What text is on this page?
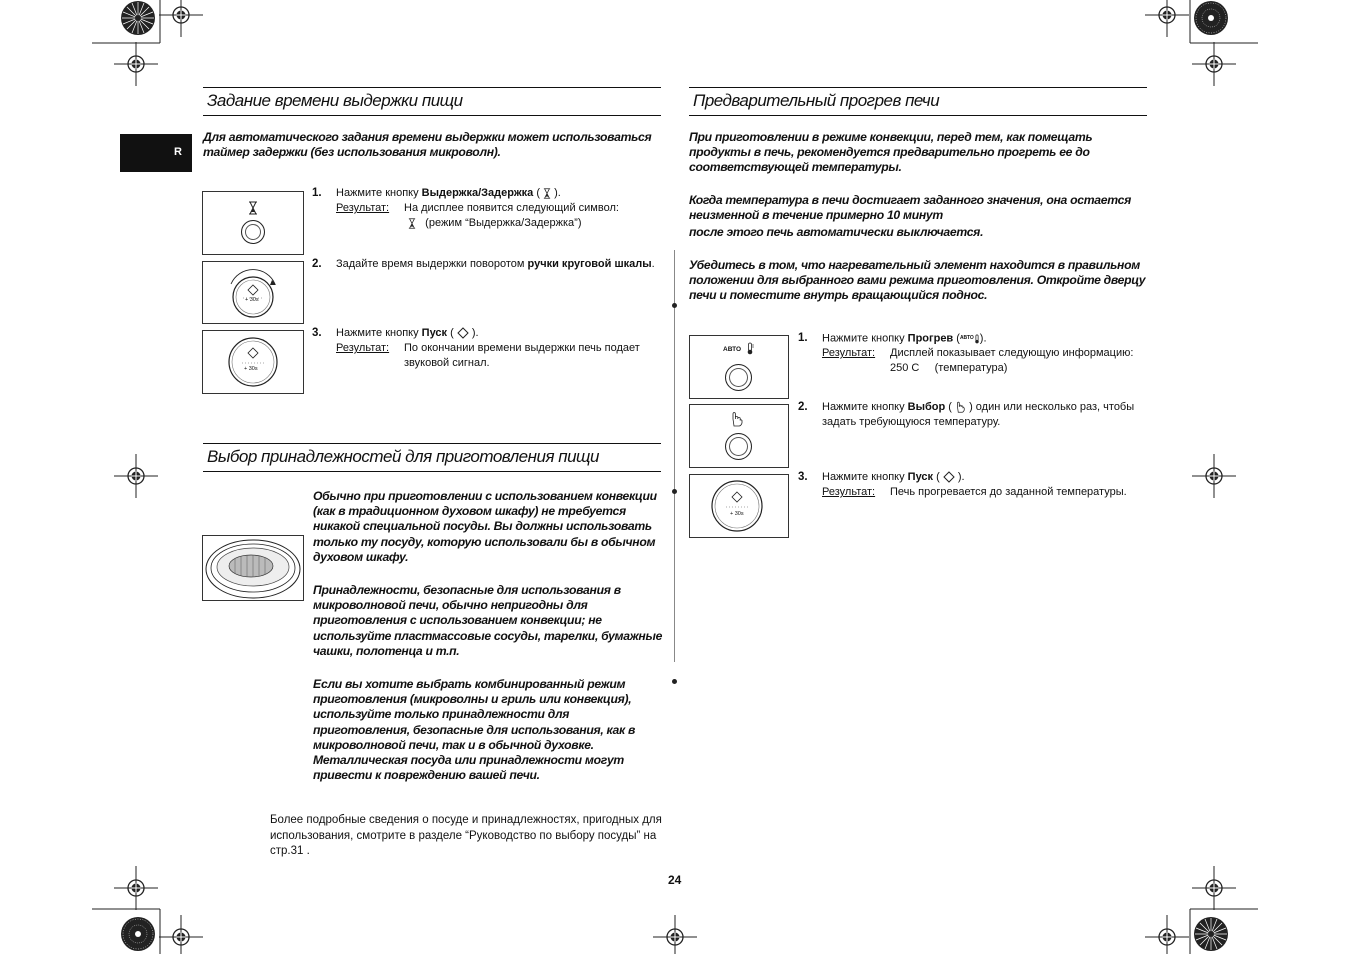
R
Задание времени выдержки пищи
Для автоматического задания времени выдержки может использоваться таймер задержки (без использования микроволн).
+ 30s
+ 30s
1. Нажмите кнопку Выдержка/Задержка (  ).
Результат:	На дисплее появится следующий символ:
(режим “Выдержка/Задержка”)
2. Задайте время выдержки поворотом ручки круговой шкалы.
3. Нажмите кнопку Пуск (  ).
Результат:	По окончании времени выдержки печь подает звуковой сигнал.
Выбор принадлежностей для приготовления пищи
Обычно при приготовлении с использованием конвекции (как в традиционном духовом шкафу) не требуется никакой специальной посуды. Вы должны использовать только ту посуду, которую использовали бы в обычном духовом шкафу.
Принадлежности, безопасные для использования в микроволновой печи, обычно непригодны для приготовления с использованием конвекции; не используйте пластмассовые сосуды, тарелки, бумажные чашки, полотенца и т.п.
Если вы хотите выбрать комбинированный режим приготовления (микроволны и гриль или конвекция), используйте только принадлежности для приготовления, безопасные для использования, как в микроволновой печи, так и в обычной духовке. Металлическая посуда или принадлежности могут привести к повреждению вашей печи.
Более подробные сведения о посуде и принадлежностях, пригодных для использования, смотрите в разделе “Руководство по выбору посуды” на стр.31 .
24
Предварительный прогрев печи
При приготовлении в режиме конвекции, перед тем, как помещать продукты в печь, рекомендуется предварительно прогреть ее до соответствующей температуры.
Когда температура в печи достигает заданного значения, она остается неизменной в течение примерно 10 минут
после этого печь автоматически выключается.
Убедитесь в том, что нагревательный элемент находится в правильном положении для выбранного вами режима приготовления. Откройте дверцу печи и поместите внутрь вращающийся поднос.
АВТО
+ 30s
1. Нажмите кнопку Прогрев (АВТО ).
Результат:	Дисплей показывает следующую информацию:
250 С     (температура)
2. Нажмите кнопку Выбор (  ) один или несколько раз, чтобы задать требующуюся температуру.
3. Нажмите кнопку Пуск (  ).
Результат:	Печь прогревается до заданной температуры.
